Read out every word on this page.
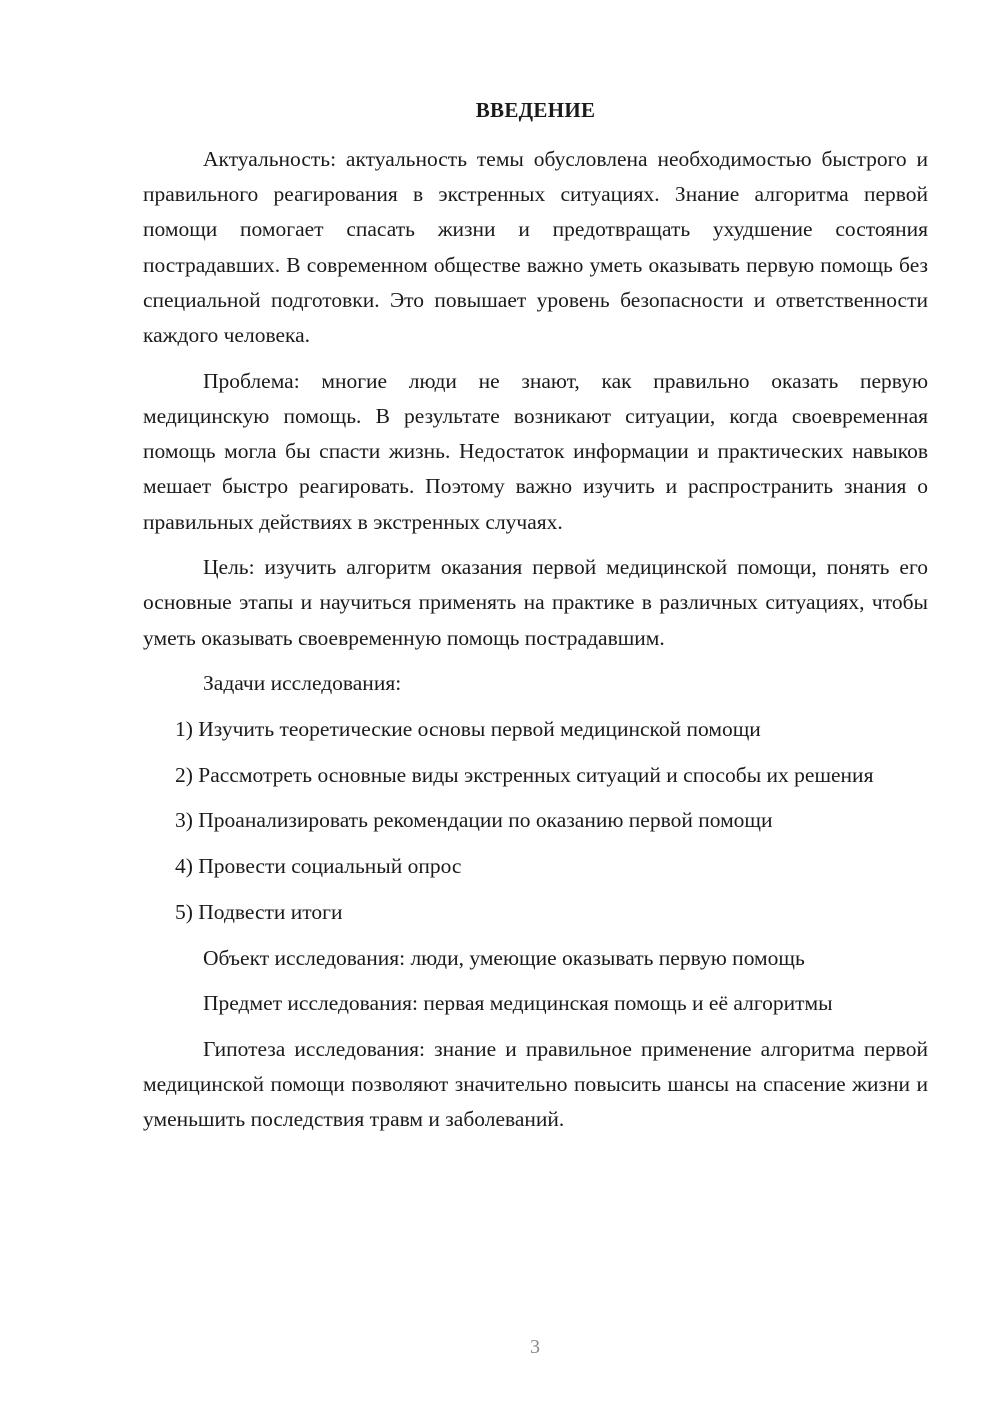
ВВЕДЕНИЕ

Актуальность: актуальность темы обусловлена необходимостью быстрого и правильного реагирования в экстренных ситуациях. Знание алгоритма первой помощи помогает спасать жизни и предотвращать ухудшение состояния пострадавших. В современном обществе важно уметь оказывать первую помощь без специальной подготовки. Это повышает уровень безопасности и ответственности каждого человека.

Проблема: многие люди не знают, как правильно оказать первую медицинскую помощь. В результате возникают ситуации, когда своевременная помощь могла бы спасти жизнь. Недостаток информации и практических навыков мешает быстро реагировать. Поэтому важно изучить и распространить знания о правильных действиях в экстренных случаях.

Цель: изучить алгоритм оказания первой медицинской помощи, понять его основные этапы и научиться применять на практике в различных ситуациях, чтобы уметь оказывать своевременную помощь пострадавшим.

Задачи исследования:

1) Изучить теоретические основы первой медицинской помощи

2) Рассмотреть основные виды экстренных ситуаций и способы их решения

3) Проанализировать рекомендации по оказанию первой помощи

4) Провести социальный опрос

5) Подвести итоги

Объект исследования: люди, умеющие оказывать первую помощь

Предмет исследования: первая медицинская помощь и её алгоритмы

Гипотеза исследования: знание и правильное применение алгоритма первой медицинской помощи позволяют значительно повысить шансы на спасение жизни и уменьшить последствия травм и заболеваний.

3
